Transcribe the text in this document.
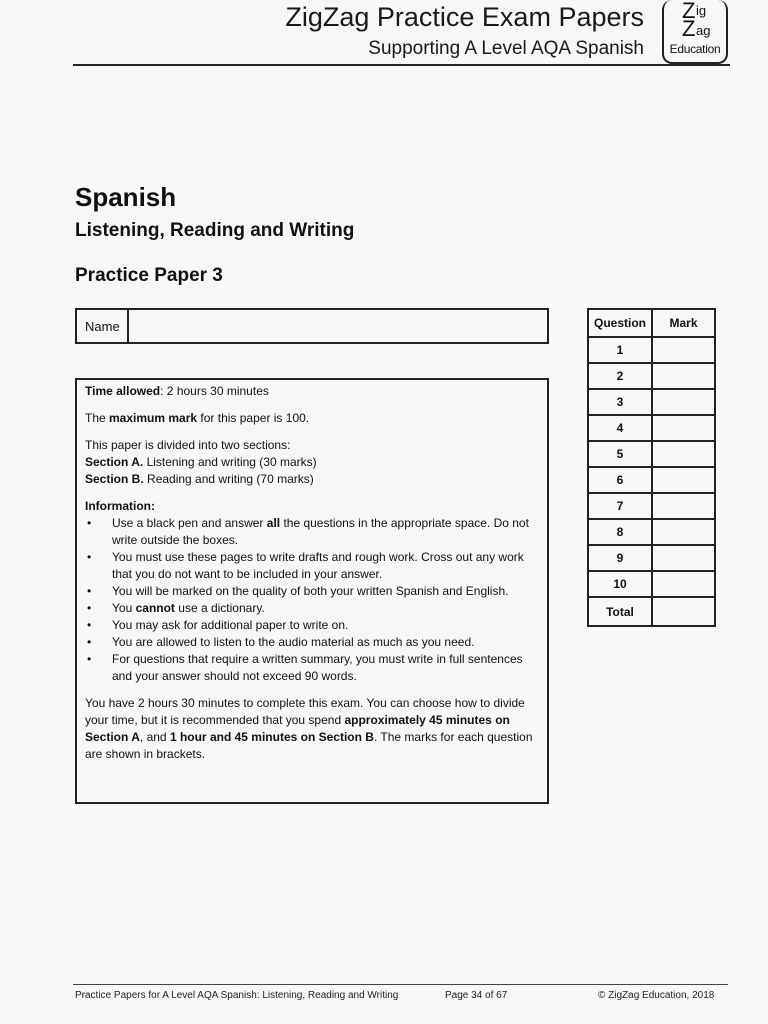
ZigZag Practice Exam Papers
Supporting A Level AQA Spanish
Z ig
Z ag
Education
Spanish
Listening, Reading and Writing
Practice Paper 3
Name

Time allowed: 2 hours 30 minutes

The maximum mark for this paper is 100.

This paper is divided into two sections:

Section A. Listening and writing (30 marks)

Section B. Reading and writing (70 marks)

Information:

• Use a black pen and answer all the questions in the appropriate space. Do not write outside the boxes.
• You must use these pages to write drafts and rough work. Cross out any work that you do not want to be included in your answer.
• You will be marked on the quality of both your written Spanish and English.
• You cannot use a dictionary.
• You may ask for additional paper to write on.
• You are allowed to listen to the audio material as much as you need.
• For questions that require a written summary, you must write in full sentences and your answer should not exceed 90 words.

You have 2 hours 30 minutes to complete this exam. You can choose how to divide your time, but it is recommended that you spend approximately 45 minutes on Section A, and 1 hour and 45 minutes on Section B. The marks for each question are shown in brackets.

Question	Mark
1	
2	
3	
4	
5	
6	
7	
8	
9	
10	
Total	
Practice Papers for A Level AQA Spanish: Listening, Reading and Writing	Page 34 of 67	© ZigZag Education, 2018
